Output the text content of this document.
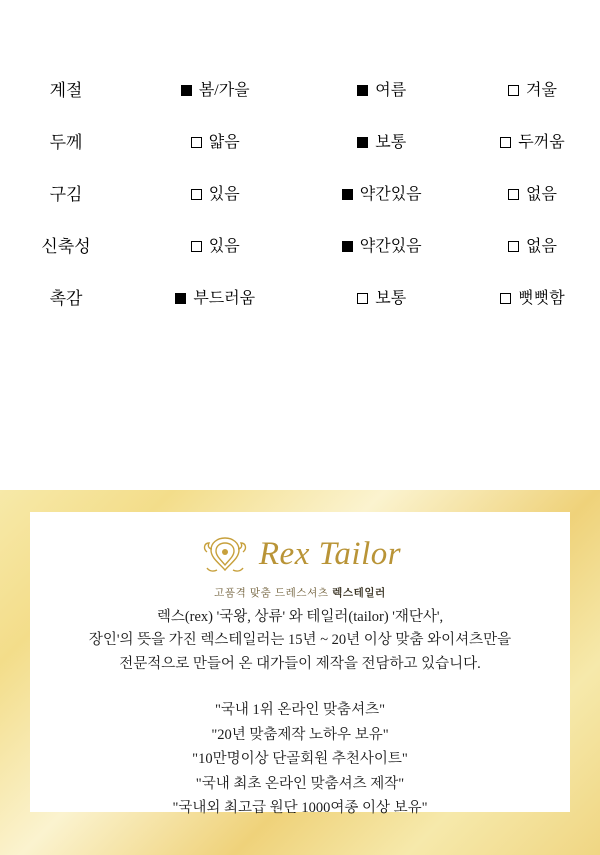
계절	봄/가을	여름	겨울
두께	얇음	보통	두꺼움
구김	있음	약간있음	없음
신축성	있음	약간있음	없음
촉감	부드러움	보통	뻣뻣함
Rex Tailor
고품격 맞춤 드레스셔츠 렉스테일러
렉스(rex) '국왕, 상류' 와 테일러(tailor) '재단사',
장인'의 뜻을 가진 렉스테일러는 15년 ~ 20년 이상 맞춤 와이셔츠만을
전문적으로 만들어 온 대가들이 제작을 전담하고 있습니다.
"국내 1위 온라인 맞춤셔츠"
"20년 맞춤제작 노하우 보유"
"10만명이상 단골회원 추천사이트"
"국내 최초 온라인 맞춤셔츠 제작"
"국내외 최고급 원단 1000여종 이상 보유"
